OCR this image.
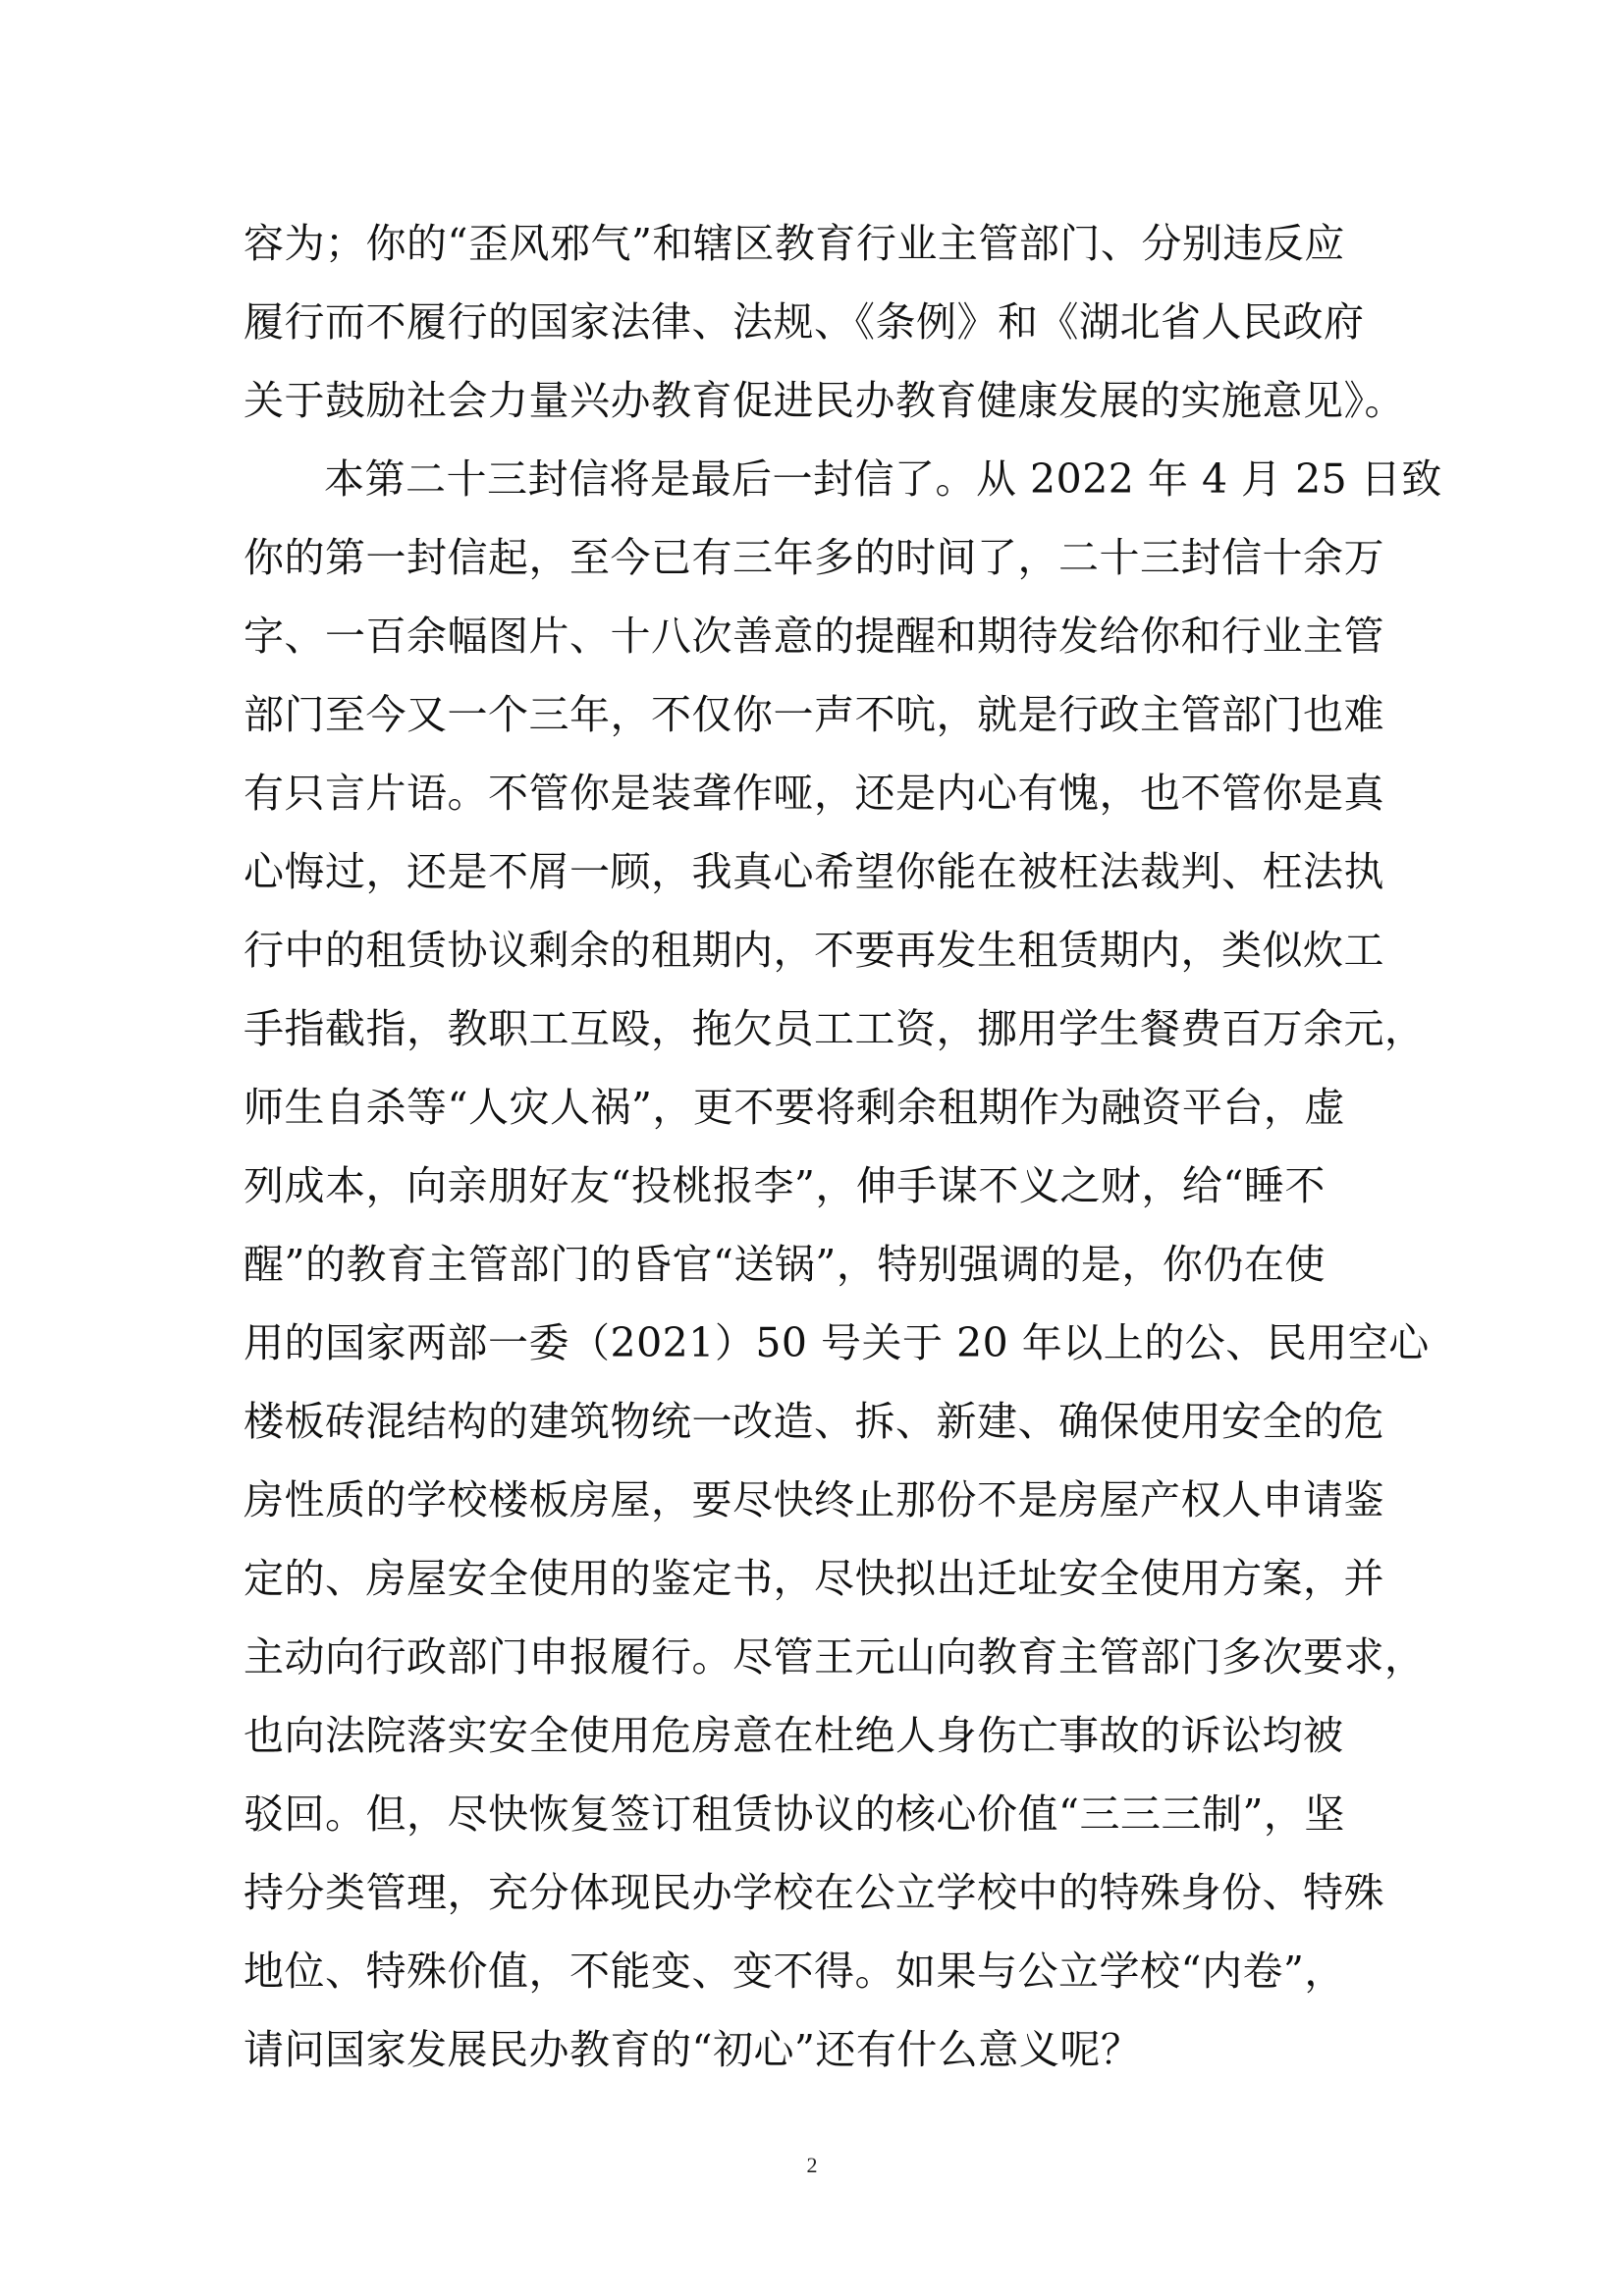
容为；你的“歪风邪气”和辖区教育行业主管部门、分别违反应
履行而不履行的国家法律、法规、《条例》和《湖北省人民政府
关于鼓励社会力量兴办教育促进民办教育健康发展的实施意见》。
本第二十三封信将是最后一封信了。从 2022 年 4 月 25 日致
你的第一封信起，至今已有三年多的时间了，二十三封信十余万
字、一百余幅图片、十八次善意的提醒和期待发给你和行业主管
部门至今又一个三年，不仅你一声不吭，就是行政主管部门也难
有只言片语。不管你是装聋作哑，还是内心有愧，也不管你是真
心悔过，还是不屑一顾，我真心希望你能在被枉法裁判、枉法执
行中的租赁协议剩余的租期内，不要再发生租赁期内，类似炊工
手指截指，教职工互殴，拖欠员工工资，挪用学生餐费百万余元，
师生自杀等“人灾人祸”，更不要将剩余租期作为融资平台，虚
列成本，向亲朋好友“投桃报李”，伸手谋不义之财，给“睡不
醒”的教育主管部门的昏官“送锅”，特别强调的是，你仍在使
用的国家两部一委（2021）50 号关于 20 年以上的公、民用空心
楼板砖混结构的建筑物统一改造、拆、新建、确保使用安全的危
房性质的学校楼板房屋，要尽快终止那份不是房屋产权人申请鉴
定的、房屋安全使用的鉴定书，尽快拟出迁址安全使用方案，并
主动向行政部门申报履行。尽管王元山向教育主管部门多次要求，
也向法院落实安全使用危房意在杜绝人身伤亡事故的诉讼均被
驳回。但，尽快恢复签订租赁协议的核心价值“三三三制”，坚
持分类管理，充分体现民办学校在公立学校中的特殊身份、特殊
地位、特殊价值，不能变、变不得。如果与公立学校“内卷”，
请问国家发展民办教育的“初心”还有什么意义呢？
2
